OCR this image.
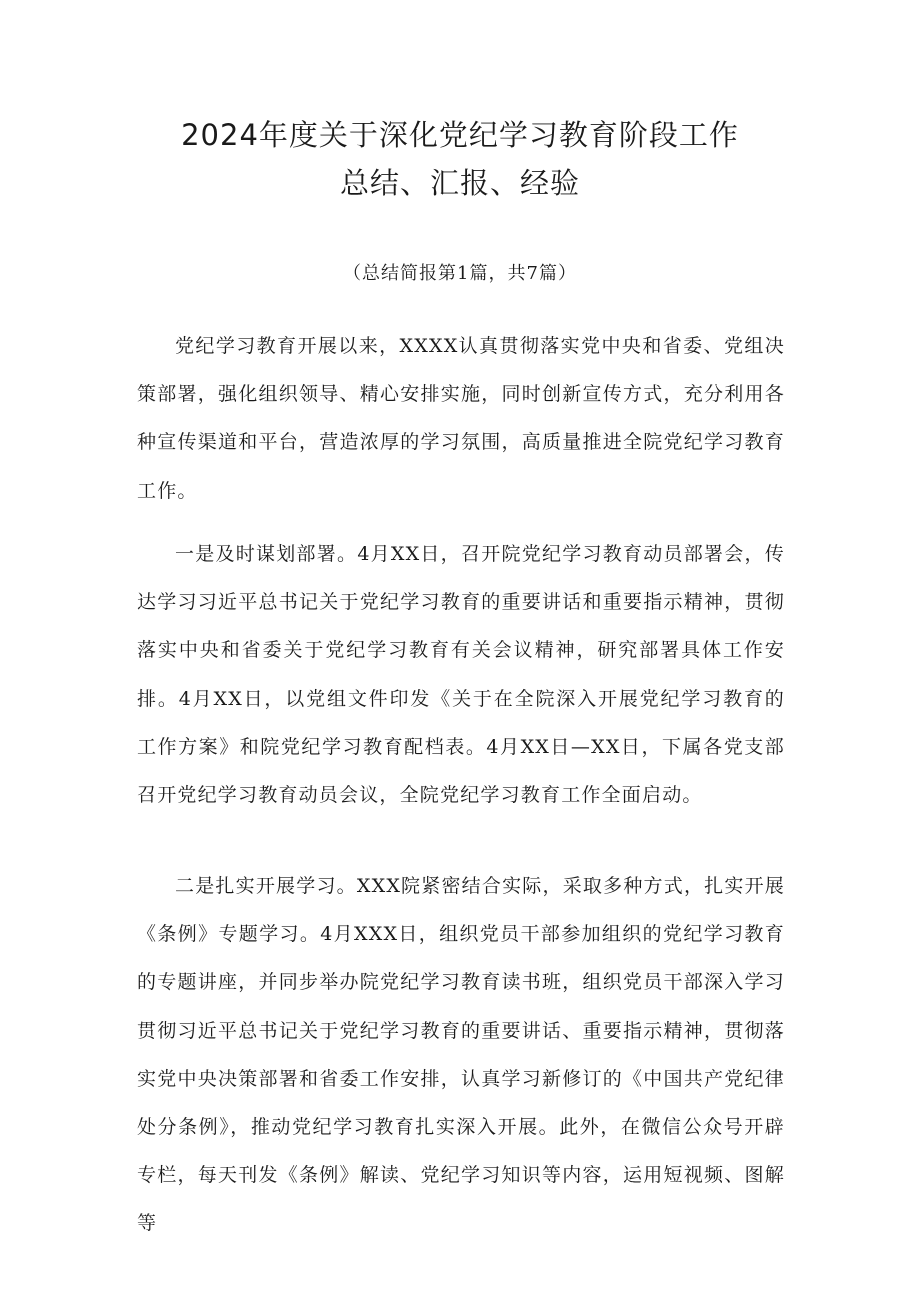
2024年度关于深化党纪学习教育阶段工作
总结、汇报、经验
（总结简报第1篇，共7篇）

党纪学习教育开展以来，XXXX认真贯彻落实党中央和省委、党组决策部署，强化组织领导、精心安排实施，同时创新宣传方式，充分利用各种宣传渠道和平台，营造浓厚的学习氛围，高质量推进全院党纪学习教育工作。

一是及时谋划部署。4月XX日，召开院党纪学习教育动员部署会，传达学习习近平总书记关于党纪学习教育的重要讲话和重要指示精神，贯彻落实中央和省委关于党纪学习教育有关会议精神，研究部署具体工作安排。4月XX日，以党组文件印发《关于在全院深入开展党纪学习教育的工作方案》和院党纪学习教育配档表。4月XX日—XX日，下属各党支部召开党纪学习教育动员会议，全院党纪学习教育工作全面启动。

二是扎实开展学习。XXX院紧密结合实际，采取多种方式，扎实开展《条例》专题学习。4月XXX日，组织党员干部参加组织的党纪学习教育的专题讲座，并同步举办院党纪学习教育读书班，组织党员干部深入学习贯彻习近平总书记关于党纪学习教育的重要讲话、重要指示精神，贯彻落实党中央决策部署和省委工作安排，认真学习新修订的《中国共产党纪律处分条例》，推动党纪学习教育扎实深入开展。此外，在微信公众号开辟专栏，每天刊发《条例》解读、党纪学习知识等内容，运用短视频、图解等
